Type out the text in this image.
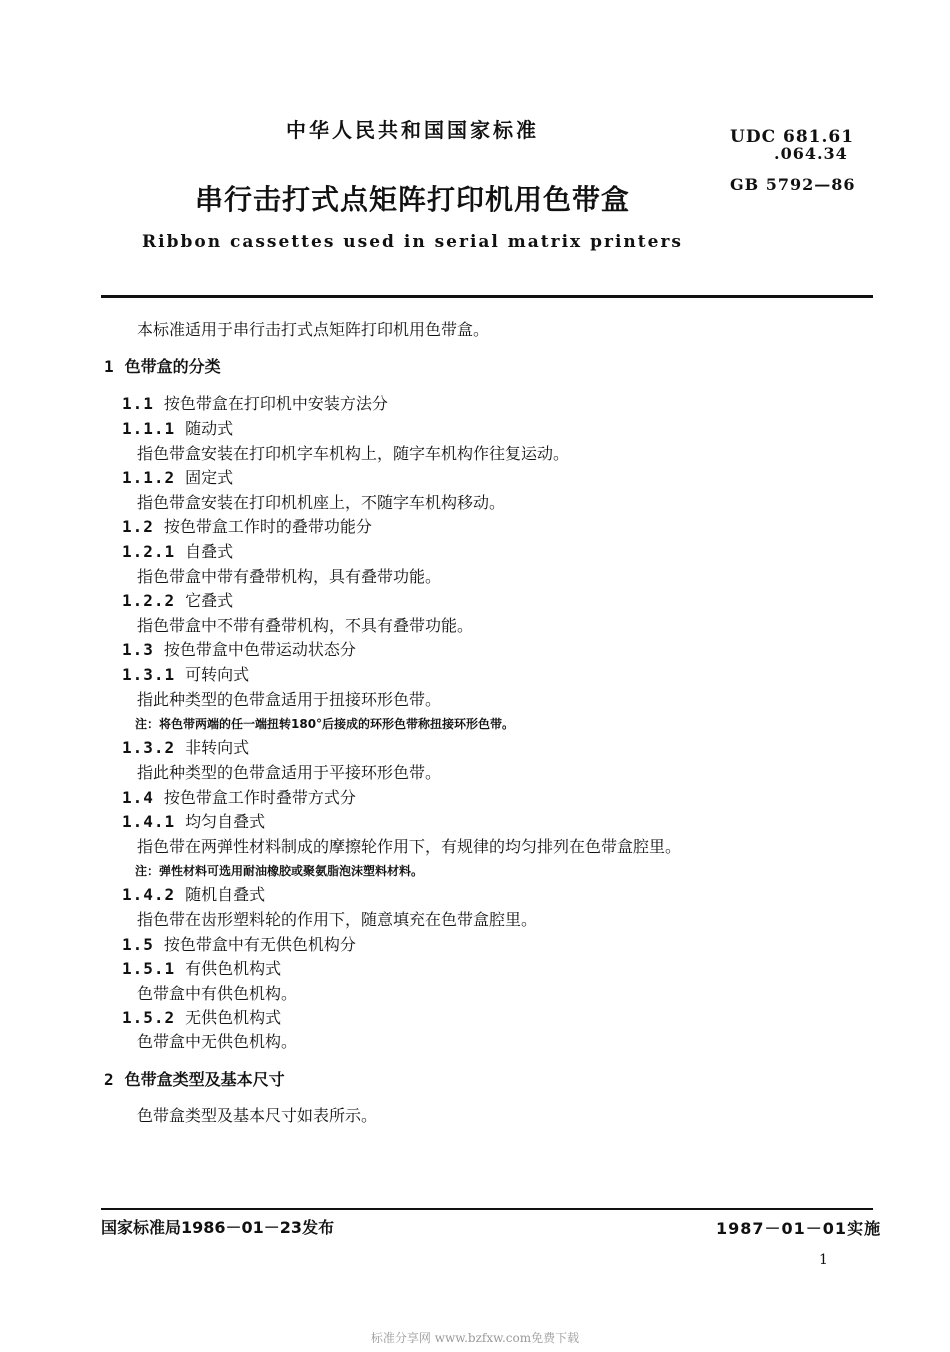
中华人民共和国国家标准	UDC 681.61
.064.34
GB 5792—86
串行击打式点矩阵打印机用色带盒
Ribbon cassettes used in serial matrix printers
本标准适用于串行击打式点矩阵打印机用色带盒。
1 色带盒的分类
1.1 按色带盒在打印机中安装方法分
1.1.1 随动式
指色带盒安装在打印机字车机构上，随字车机构作往复运动。
1.1.2 固定式
指色带盒安装在打印机机座上，不随字车机构移动。
1.2 按色带盒工作时的叠带功能分
1.2.1 自叠式
指色带盒中带有叠带机构，具有叠带功能。
1.2.2 它叠式
指色带盒中不带有叠带机构，不具有叠带功能。
1.3 按色带盒中色带运动状态分
1.3.1 可转向式
指此种类型的色带盒适用于扭接环形色带。
注：将色带两端的任一端扭转180°后接成的环形色带称扭接环形色带。
1.3.2 非转向式
指此种类型的色带盒适用于平接环形色带。
1.4 按色带盒工作时叠带方式分
1.4.1 均匀自叠式
指色带在两弹性材料制成的摩擦轮作用下，有规律的均匀排列在色带盒腔里。
注：弹性材料可选用耐油橡胶或聚氨脂泡沫塑料材料。
1.4.2 随机自叠式
指色带在齿形塑料轮的作用下，随意填充在色带盒腔里。
1.5 按色带盒中有无供色机构分
1.5.1 有供色机构式
色带盒中有供色机构。
1.5.2 无供色机构式
色带盒中无供色机构。
2 色带盒类型及基本尺寸
色带盒类型及基本尺寸如表所示。
国家标准局1986－01－23发布	1987－01－01实施
1
标准分享网 www.bzfxw.com免费下载
